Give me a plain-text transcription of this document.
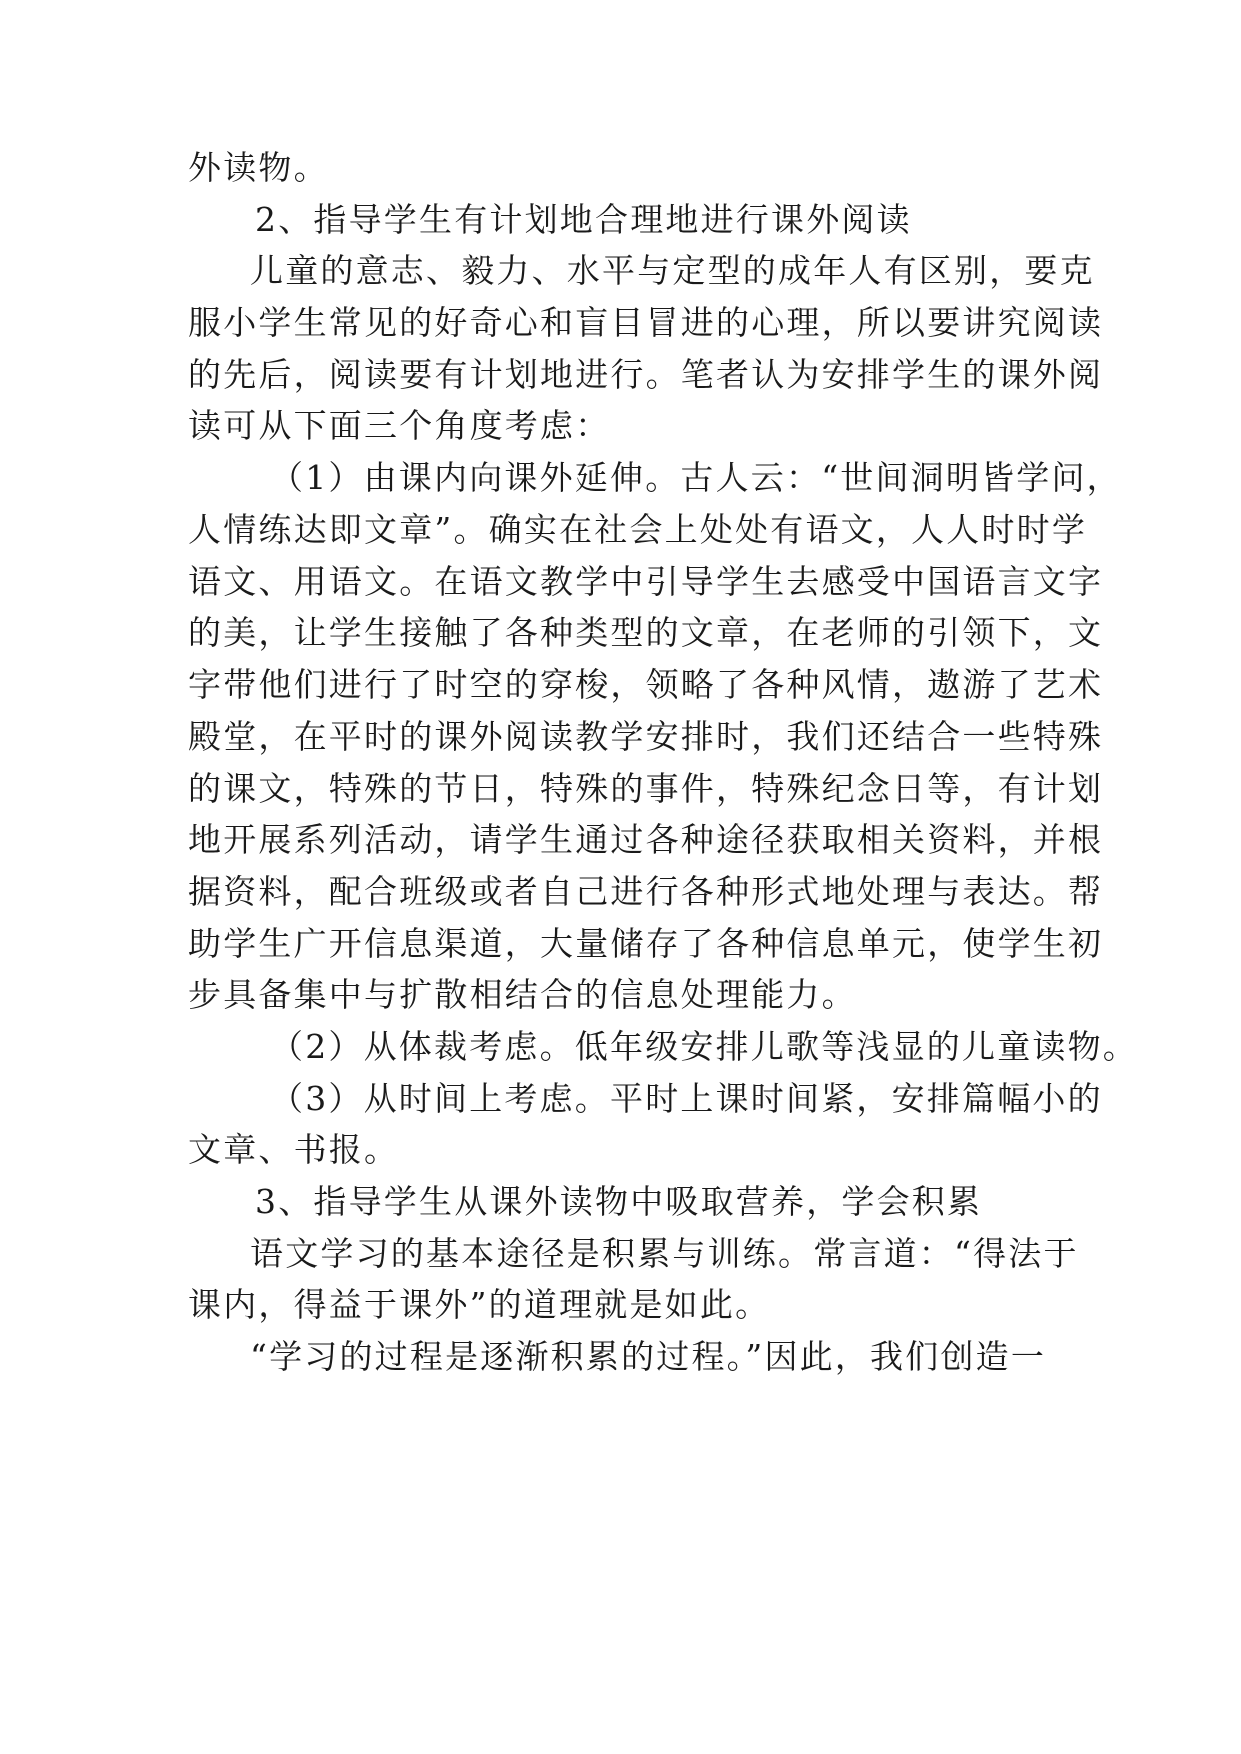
外读物。
2、指导学生有计划地合理地进行课外阅读
儿童的意志、毅力、水平与定型的成年人有区别，要克
服小学生常见的好奇心和盲目冒进的心理，所以要讲究阅读
的先后，阅读要有计划地进行。笔者认为安排学生的课外阅
读可从下面三个角度考虑：
（1）由课内向课外延伸。古人云：“世间洞明皆学问，
人情练达即文章”。确实在社会上处处有语文，人人时时学
语文、用语文。在语文教学中引导学生去感受中国语言文字
的美，让学生接触了各种类型的文章，在老师的引领下，文
字带他们进行了时空的穿梭，领略了各种风情，遨游了艺术
殿堂，在平时的课外阅读教学安排时，我们还结合一些特殊
的课文，特殊的节日，特殊的事件，特殊纪念日等，有计划
地开展系列活动，请学生通过各种途径获取相关资料，并根
据资料，配合班级或者自己进行各种形式地处理与表达。帮
助学生广开信息渠道，大量储存了各种信息单元，使学生初
步具备集中与扩散相结合的信息处理能力。
（2）从体裁考虑。低年级安排儿歌等浅显的儿童读物。
（3）从时间上考虑。平时上课时间紧，安排篇幅小的
文章、书报。
3、指导学生从课外读物中吸取营养，学会积累
语文学习的基本途径是积累与训练。常言道：“得法于
课内，得益于课外”的道理就是如此。
“学习的过程是逐渐积累的过程。”因此，我们创造一
